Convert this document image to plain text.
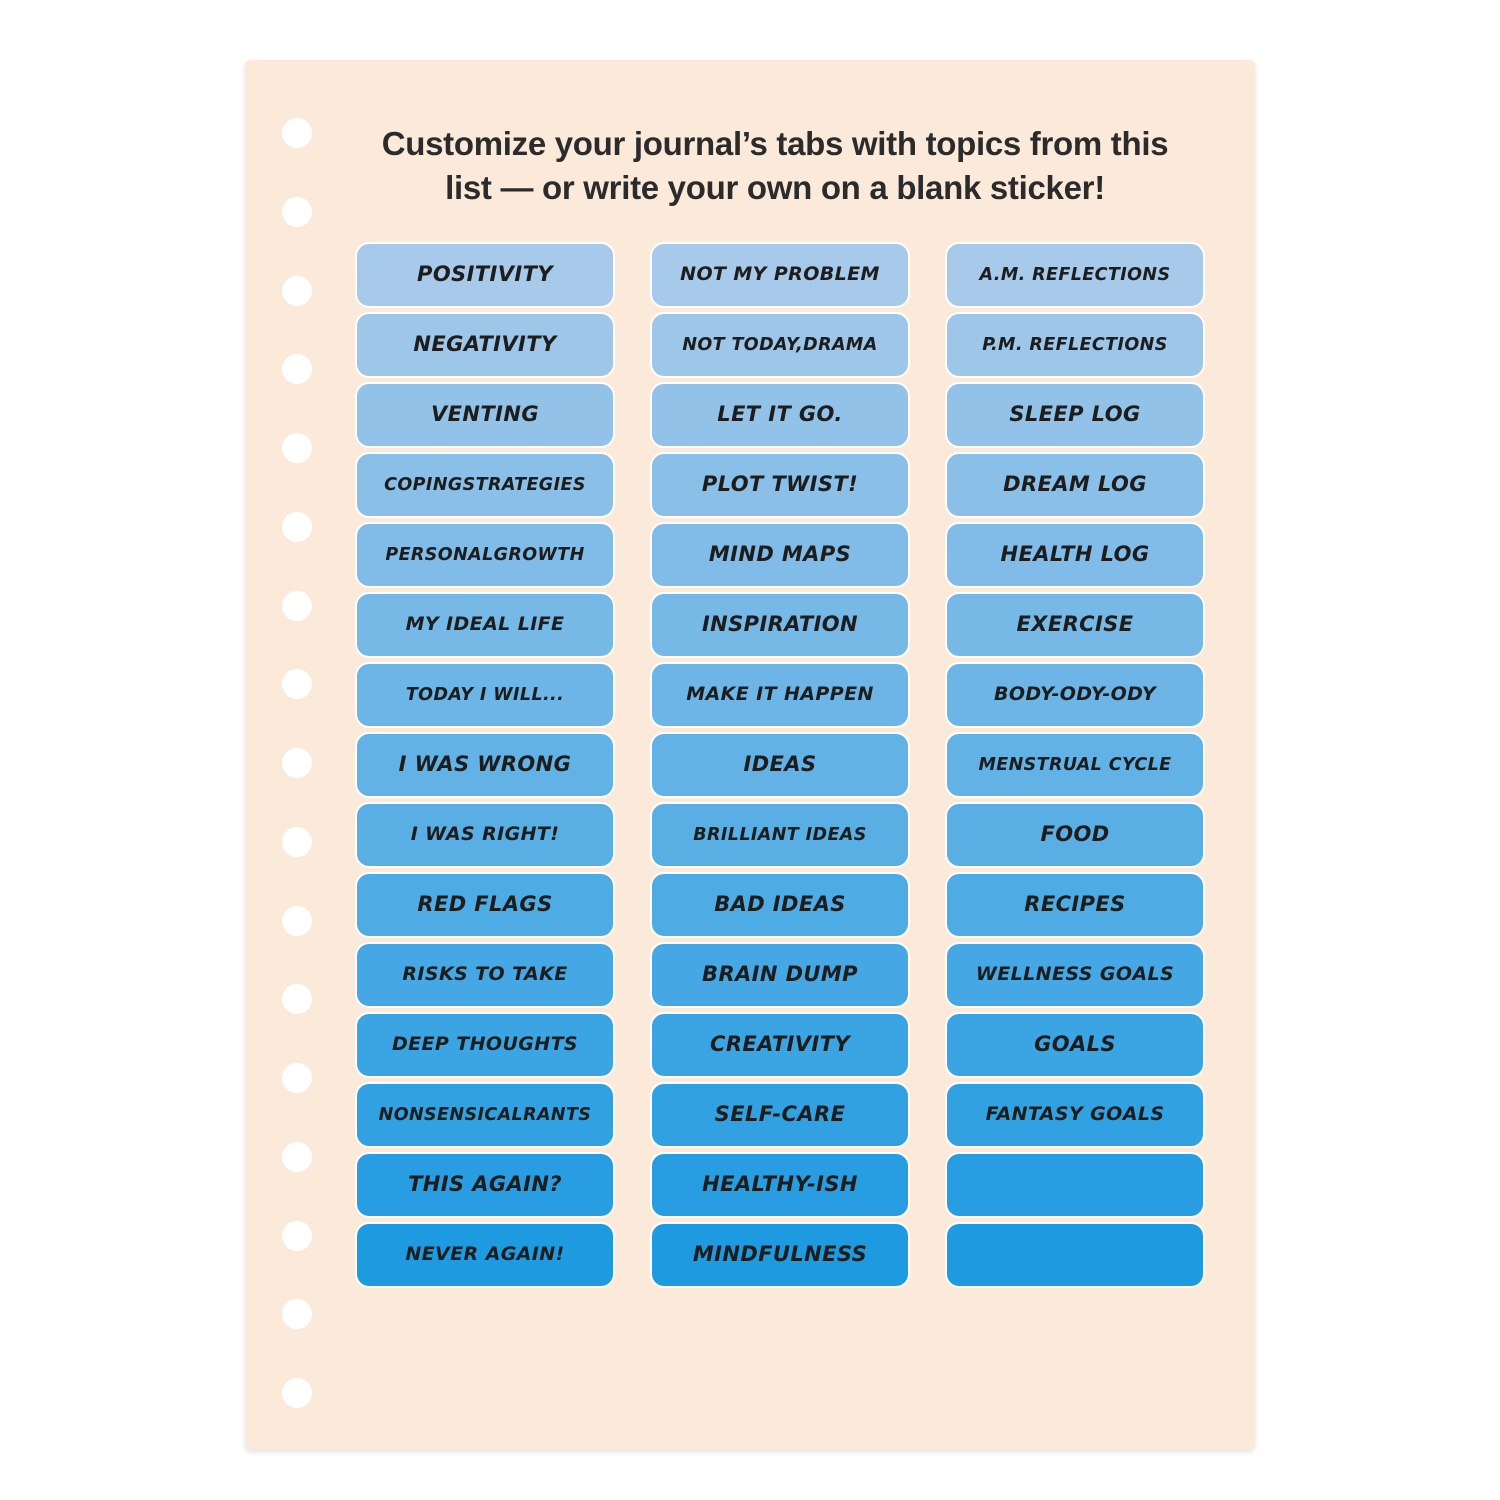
Customize your journal’s tabs with topics from this list — or write your own on a blank sticker!
POSITIVITY
NEGATIVITY
VENTING
COPING STRATEGIES
PERSONAL GROWTH
MY IDEAL LIFE
TODAY I WILL...
I WAS WRONG
I WAS RIGHT!
RED FLAGS
RISKS TO TAKE
DEEP THOUGHTS
NONSENSICAL RANTS
THIS AGAIN?
NEVER AGAIN!
NOT MY PROBLEM
NOT TODAY, DRAMA
LET IT GO.
PLOT TWIST!
MIND MAPS
INSPIRATION
MAKE IT HAPPEN
IDEAS
BRILLIANT IDEAS
BAD IDEAS
BRAIN DUMP
CREATIVITY
SELF-CARE
HEALTHY-ISH
MINDFULNESS
A.M. REFLECTIONS
P.M. REFLECTIONS
SLEEP LOG
DREAM LOG
HEALTH LOG
EXERCISE
BODY-ODY-ODY
MENSTRUAL CYCLE
FOOD
RECIPES
WELLNESS GOALS
GOALS
FANTASY GOALS
